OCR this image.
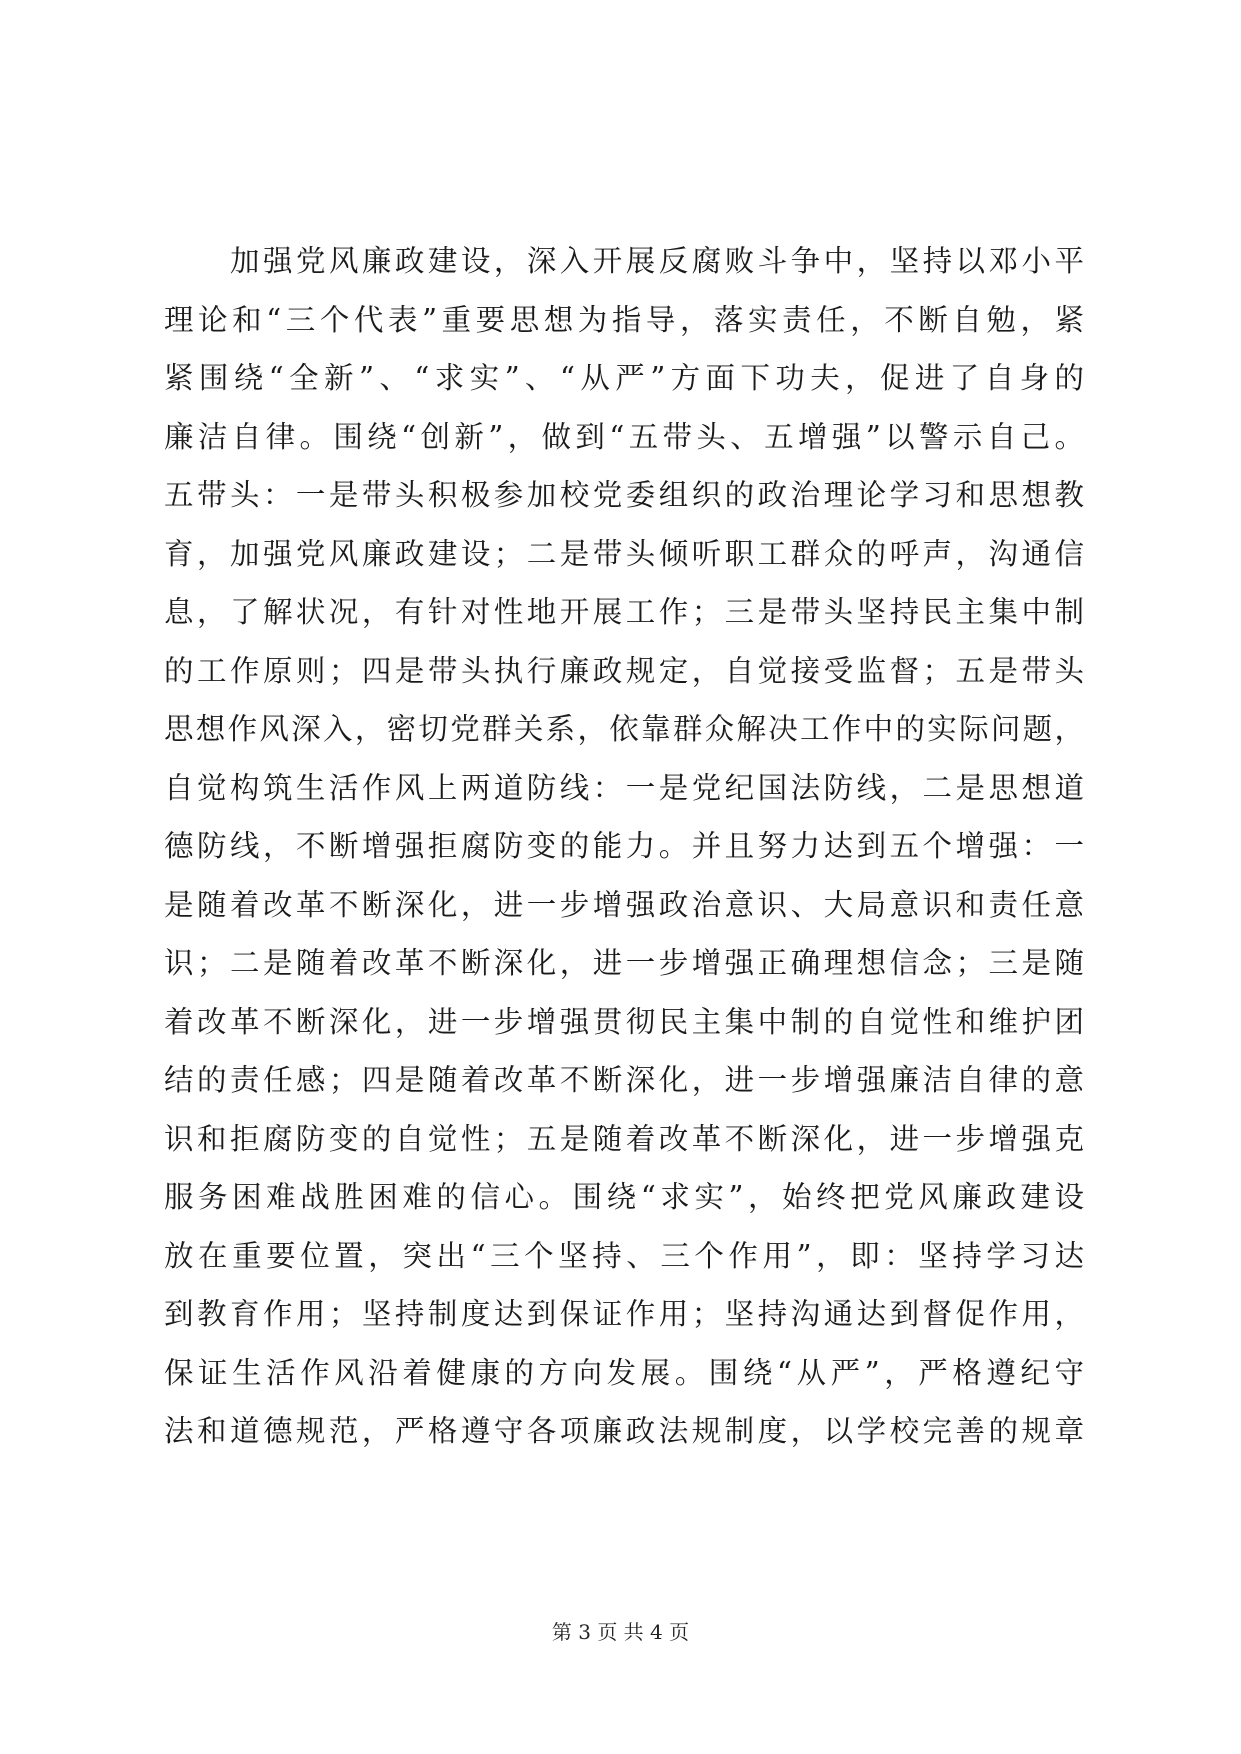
加强党风廉政建设，深入开展反腐败斗争中，坚持以邓小平
理论和“三个代表”重要思想为指导，落实责任，不断自勉，紧
紧围绕“全新”、“求实”、“从严”方面下功夫，促进了自身的
廉洁自律。围绕“创新”，做到“五带头、五增强”以警示自己。
五带头：一是带头积极参加校党委组织的政治理论学习和思想教
育，加强党风廉政建设；二是带头倾听职工群众的呼声，沟通信
息，了解状况，有针对性地开展工作；三是带头坚持民主集中制
的工作原则；四是带头执行廉政规定，自觉接受监督；五是带头
思想作风深入，密切党群关系，依靠群众解决工作中的实际问题，
自觉构筑生活作风上两道防线：一是党纪国法防线，二是思想道
德防线，不断增强拒腐防变的能力。并且努力达到五个增强：一
是随着改革不断深化，进一步增强政治意识、大局意识和责任意
识；二是随着改革不断深化，进一步增强正确理想信念；三是随
着改革不断深化，进一步增强贯彻民主集中制的自觉性和维护团
结的责任感；四是随着改革不断深化，进一步增强廉洁自律的意
识和拒腐防变的自觉性；五是随着改革不断深化，进一步增强克
服务困难战胜困难的信心。围绕“求实”，始终把党风廉政建设
放在重要位置，突出“三个坚持、三个作用”，即：坚持学习达
到教育作用；坚持制度达到保证作用；坚持沟通达到督促作用，
保证生活作风沿着健康的方向发展。围绕“从严”，严格遵纪守
法和道德规范，严格遵守各项廉政法规制度，以学校完善的规章
第 3 页 共 4 页
